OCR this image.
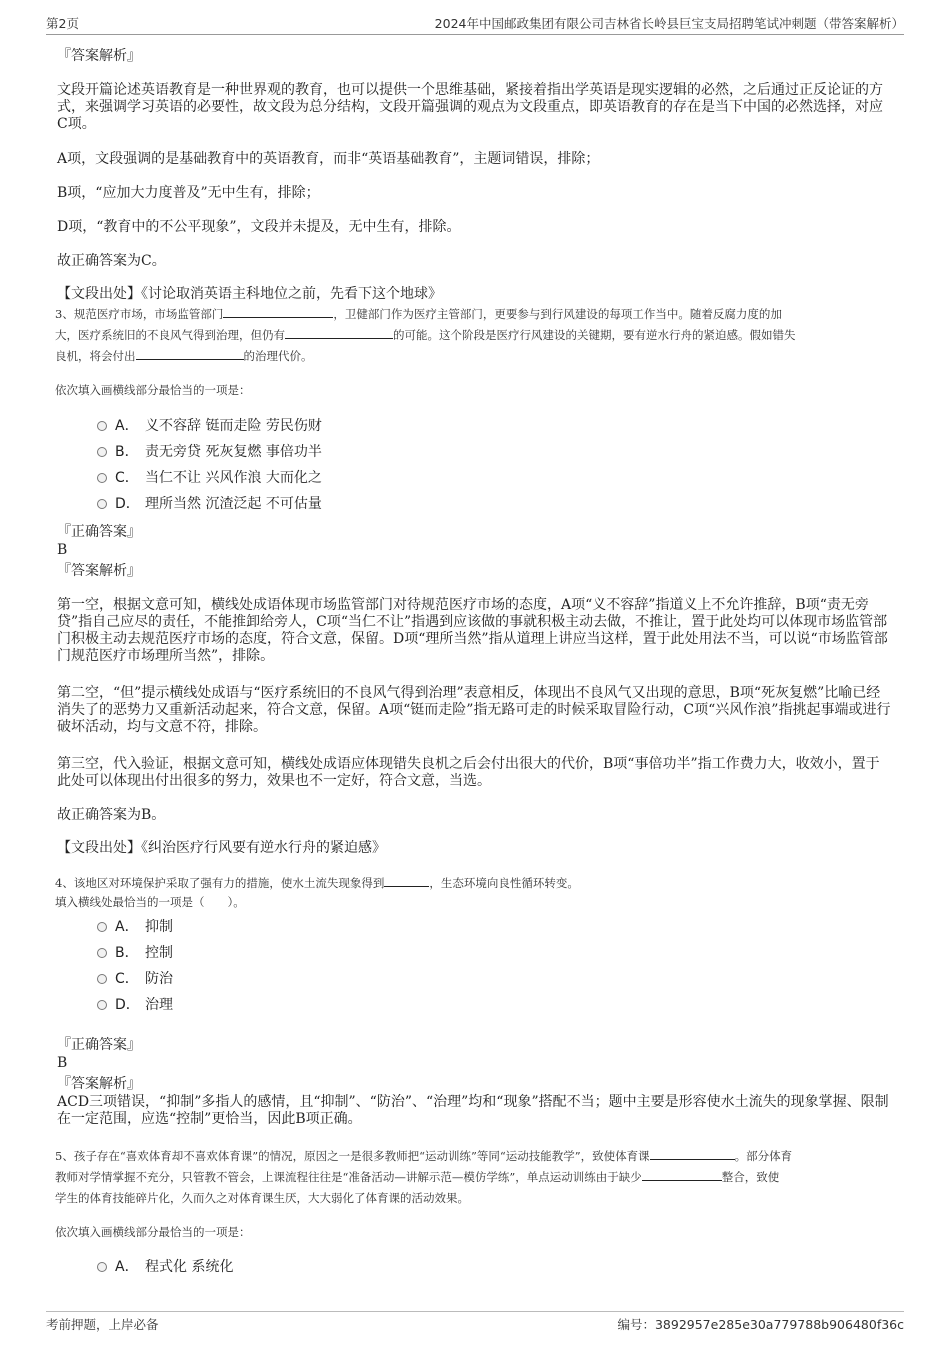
第2页	2024年中国邮政集团有限公司吉林省长岭县巨宝支局招聘笔试冲刺题（带答案解析）
『答案解析』
文段开篇论述英语教育是一种世界观的教育，也可以提供一个思维基础，紧接着指出学英语是现实逻辑的必然，之后通过正反论证的方式，来强调学习英语的必要性，故文段为总分结构，文段开篇强调的观点为文段重点，即英语教育的存在是当下中国的必然选择，对应C项。
A项，文段强调的是基础教育中的英语教育，而非“英语基础教育”，主题词错误，排除；
B项，“应加大力度普及”无中生有，排除；
D项，“教育中的不公平现象”，文段并未提及，无中生有，排除。
故正确答案为C。
【文段出处】《讨论取消英语主科地位之前，先看下这个地球》
3、规范医疗市场，市场监管部门	，卫健部门作为医疗主管部门，更要参与到行风建设的每项工作当中。随着反腐力度的加
大，医疗系统旧的不良风气得到治理，但仍有	的可能。这个阶段是医疗行风建设的关键期，要有逆水行舟的紧迫感。假如错失
良机，将会付出	的治理代价。
依次填入画横线部分最恰当的一项是：
A． 义不容辞 铤而走险 劳民伤财
B． 责无旁贷 死灰复燃 事倍功半
C． 当仁不让 兴风作浪 大而化之
D． 理所当然 沉渣泛起 不可估量
『正确答案』
B
『答案解析』
第一空，根据文意可知，横线处成语体现市场监管部门对待规范医疗市场的态度，A项“义不容辞”指道义上不允许推辞，B项“责无旁贷”指自己应尽的责任，不能推卸给旁人，C项“当仁不让”指遇到应该做的事就积极主动去做，不推让，置于此处均可以体现市场监管部门积极主动去规范医疗市场的态度，符合文意，保留。D项“理所当然”指从道理上讲应当这样，置于此处用法不当，可以说“市场监管部门规范医疗市场理所当然”，排除。
第二空，“但”提示横线处成语与“医疗系统旧的不良风气得到治理”表意相反，体现出不良风气又出现的意思，B项“死灰复燃”比喻已经消失了的恶势力又重新活动起来，符合文意，保留。A项“铤而走险”指无路可走的时候采取冒险行动，C项“兴风作浪”指挑起事端或进行破坏活动，均与文意不符，排除。
第三空，代入验证，根据文意可知，横线处成语应体现错失良机之后会付出很大的代价，B项“事倍功半”指工作费力大，收效小，置于此处可以体现出付出很多的努力，效果也不一定好，符合文意，当选。
故正确答案为B。
【文段出处】《纠治医疗行风要有逆水行舟的紧迫感》
4、该地区对环境保护采取了强有力的措施，使水土流失现象得到	，生态环境向良性循环转变。
填入横线处最恰当的一项是（　　）。
A． 抑制
B． 控制
C． 防治
D． 治理
『正确答案』
B
『答案解析』
ACD三项错误，“抑制”多指人的感情，且“抑制”、“防治”、“治理”均和“现象”搭配不当；题中主要是形容使水土流失的现象掌握、限制在一定范围，应选“控制”更恰当，因此B项正确。
5、孩子存在“喜欢体育却不喜欢体育课”的情况，原因之一是很多教师把“运动训练”等同“运动技能教学”，致使体育课	。部分体育
教师对学情掌握不充分，只管教不管会，上课流程往往是“准备活动—讲解示范—模仿学练”，单点运动训练由于缺少	整合，致使
学生的体育技能碎片化，久而久之对体育课生厌，大大弱化了体育课的活动效果。
依次填入画横线部分最恰当的一项是：
A． 程式化 系统化
考前押题，上岸必备	编号：3892957e285e30a779788b906480f36c
